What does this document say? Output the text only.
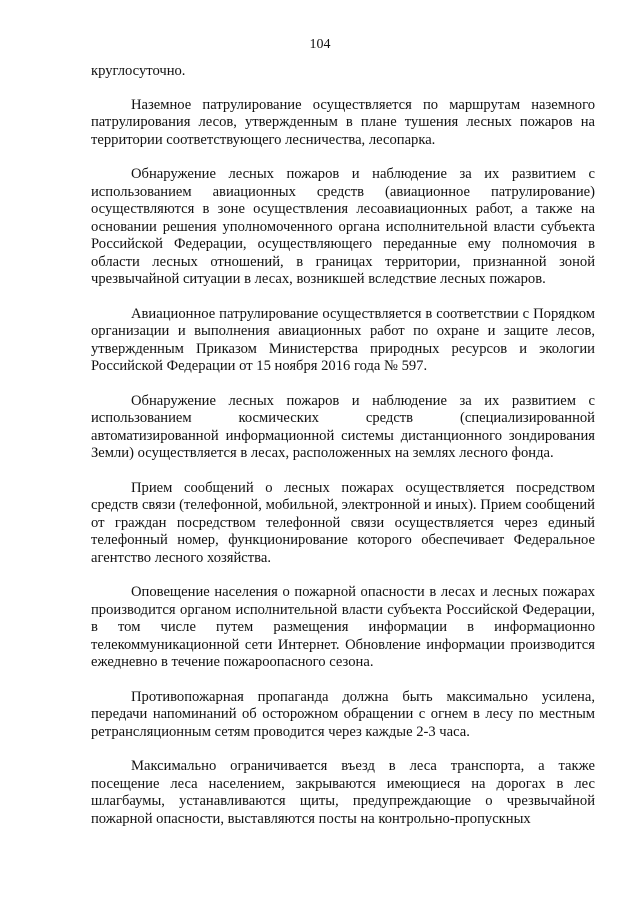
104

круглосуточно.

Наземное патрулирование осуществляется по маршрутам наземного патрулирования лесов, утвержденным в плане тушения лесных пожаров на территории соответствующего лесничества, лесопарка.

Обнаружение лесных пожаров и наблюдение за их развитием с использованием авиационных средств (авиационное патрулирование) осуществляются в зоне осуществления лесоавиационных работ, а также на основании решения уполномоченного органа исполнительной власти субъекта Российской Федерации, осуществляющего переданные ему полномочия в области лесных отношений, в границах территории, признанной зоной чрезвычайной ситуации в лесах, возникшей вследствие лесных пожаров.

Авиационное патрулирование осуществляется в соответствии с Порядком организации и выполнения авиационных работ по охране и защите лесов, утвержденным Приказом Министерства природных ресурсов и экологии Российской Федерации от 15 ноября 2016 года № 597.

Обнаружение лесных пожаров и наблюдение за их развитием с использованием космических средств (специализированной автоматизированной информационной системы дистанционного зондирования Земли) осуществляется в лесах, расположенных на землях лесного фонда.

Прием сообщений о лесных пожарах осуществляется посредством средств связи (телефонной, мобильной, электронной и иных). Прием сообщений от граждан посредством телефонной связи осуществляется через единый телефонный номер, функционирование которого обеспечивает Федеральное агентство лесного хозяйства.

Оповещение населения о пожарной опасности в лесах и лесных пожарах производится органом исполнительной власти субъекта Российской Федерации, в том числе путем размещения информации в информационно телекоммуникационной сети Интернет. Обновление информации производится ежедневно в течение пожароопасного сезона.

Противопожарная пропаганда должна быть максимально усилена, передачи напоминаний об осторожном обращении с огнем в лесу по местным ретрансляционным сетям проводится через каждые 2-3 часа.

Максимально ограничивается въезд в леса транспорта, а также посещение леса населением, закрываются имеющиеся на дорогах в лес шлагбаумы, устанавливаются щиты, предупреждающие о чрезвычайной пожарной опасности, выставляются посты на контрольно-пропускных
